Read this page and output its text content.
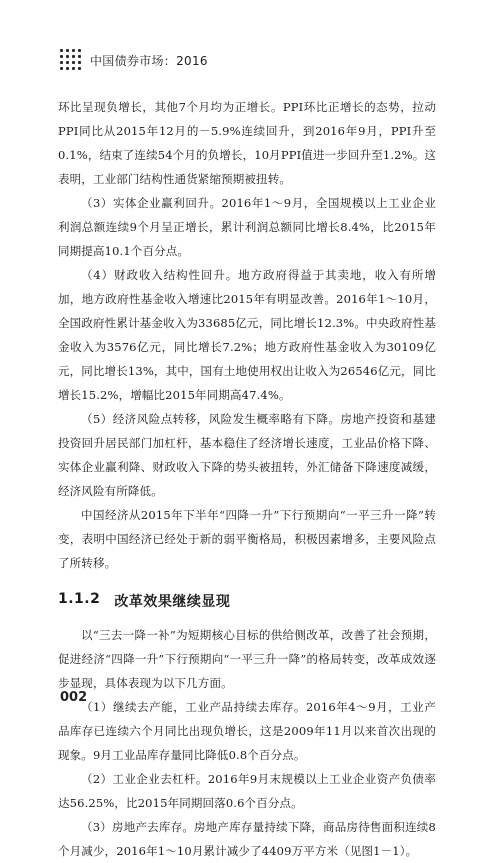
中国债券市场：2016

环比呈现负增长，其他7个月均为正增长。PPI环比正增长的态势，拉动PPI同比从2015年12月的－5.9%连续回升，到2016年9月，PPI升至0.1%，结束了连续54个月的负增长，10月PPI值进一步回升至1.2%。这表明，工业部门结构性通货紧缩预期被扭转。

（3）实体企业赢利回升。2016年1～9月，全国规模以上工业企业利润总额连续9个月呈正增长，累计利润总额同比增长8.4%，比2015年同期提高10.1个百分点。

（4）财政收入结构性回升。地方政府得益于其卖地，收入有所增加，地方政府性基金收入增速比2015年有明显改善。2016年1～10月，全国政府性累计基金收入为33685亿元，同比增长12.3%。中央政府性基金收入为3576亿元，同比增长7.2%；地方政府性基金收入为30109亿元，同比增长13%，其中，国有土地使用权出让收入为26546亿元，同比增长15.2%，增幅比2015年同期高47.4%。

（5）经济风险点转移，风险发生概率略有下降。房地产投资和基建投资回升居民部门加杠杆，基本稳住了经济增长速度，工业品价格下降、实体企业赢利降、财政收入下降的势头被扭转，外汇储备下降速度减缓，经济风险有所降低。

中国经济从2015年下半年“四降一升”下行预期向“一平三升一降”转变，表明中国经济已经处于新的弱平衡格局，积极因素增多，主要风险点了所转移。

1.1.2 改革效果继续显现

以“三去一降一补”为短期核心目标的供给侧改革，改善了社会预期，促进经济“四降一升”下行预期向“一平三升一降”的格局转变，改革成效逐步显现，具体表现为以下几方面。

（1）继续去产能，工业产品持续去库存。2016年4～9月，工业产品库存已连续六个月同比出现负增长，这是2009年11月以来首次出现的现象。9月工业品库存量同比降低0.8个百分点。

（2）工业企业去杠杆。2016年9月末规模以上工业企业资产负债率达56.25%，比2015年同期回落0.6个百分点。

（3）房地产去库存。房地产库存量持续下降，商品房待售面积连续8个月减少，2016年1～10月累计减少了4409万平方米（见图1－1）。

002
